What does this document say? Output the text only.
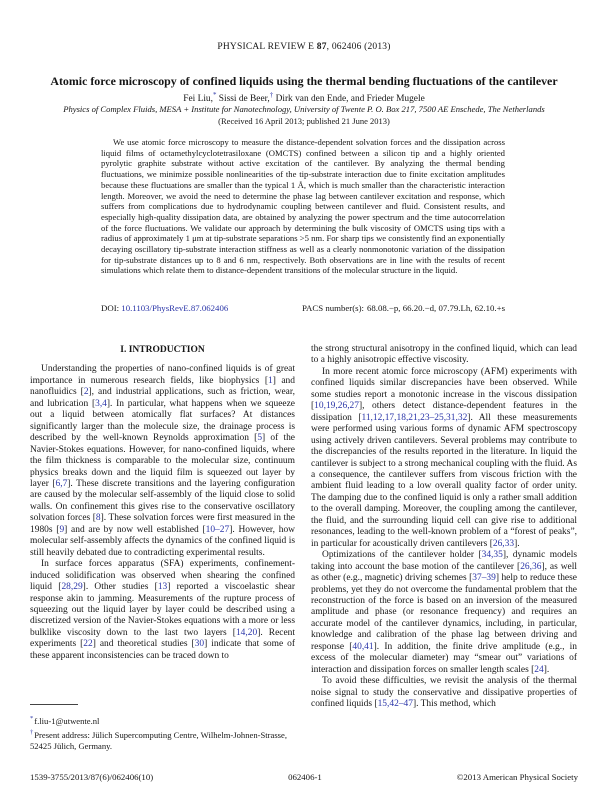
PHYSICAL REVIEW E 87, 062406 (2013)
Atomic force microscopy of confined liquids using the thermal bending fluctuations of the cantilever
Fei Liu,* Sissi de Beer,† Dirk van den Ende, and Frieder Mugele
Physics of Complex Fluids, MESA + Institute for Nanotechnology, University of Twente P. O. Box 217, 7500 AE Enschede, The Netherlands
(Received 16 April 2013; published 21 June 2013)

We use atomic force microscopy to measure the distance-dependent solvation forces and the dissipation across liquid films of octamethylcyclotetrasiloxane (OMCTS) confined between a silicon tip and a highly oriented pyrolytic graphite substrate without active excitation of the cantilever. By analyzing the thermal bending fluctuations, we minimize possible nonlinearities of the tip-substrate interaction due to finite excitation amplitudes because these fluctuations are smaller than the typical 1 Å, which is much smaller than the characteristic interaction length. Moreover, we avoid the need to determine the phase lag between cantilever excitation and response, which suffers from complications due to hydrodynamic coupling between cantilever and fluid. Consistent results, and especially high-quality dissipation data, are obtained by analyzing the power spectrum and the time autocorrelation of the force fluctuations. We validate our approach by determining the bulk viscosity of OMCTS using tips with a radius of approximately 1 μm at tip-substrate separations >5 nm. For sharp tips we consistently find an exponentially decaying oscillatory tip-substrate interaction stiffness as well as a clearly nonmonotonic variation of the dissipation for tip-substrate distances up to 8 and 6 nm, respectively. Both observations are in line with the results of recent simulations which relate them to distance-dependent transitions of the molecular structure in the liquid.

DOI: 10.1103/PhysRevE.87.062406	PACS number(s): 68.08.−p, 66.20.−d, 07.79.Lh, 62.10.+s
I. INTRODUCTION

Understanding the properties of nano-confined liquids is of great importance in numerous research fields, like biophysics [1] and nanofluidics [2], and industrial applications, such as friction, wear, and lubrication [3,4]. In particular, what happens when we squeeze out a liquid between atomically flat surfaces? At distances significantly larger than the molecule size, the drainage process is described by the well-known Reynolds approximation [5] of the Navier-Stokes equations. However, for nano-confined liquids, where the film thickness is comparable to the molecular size, continuum physics breaks down and the liquid film is squeezed out layer by layer [6,7]. These discrete transitions and the layering configuration are caused by the molecular self-assembly of the liquid close to solid walls. On confinement this gives rise to the conservative oscillatory solvation forces [8]. These solvation forces were first measured in the 1980s [9] and are by now well established [10–27]. However, how molecular self-assembly affects the dynamics of the confined liquid is still heavily debated due to contradicting experimental results.

In surface forces apparatus (SFA) experiments, confinement-induced solidification was observed when shearing the confined liquid [28,29]. Other studies [13] reported a viscoelastic shear response akin to jamming. Measurements of the rupture process of squeezing out the liquid layer by layer could be described using a discretized version of the Navier-Stokes equations with a more or less bulklike viscosity down to the last two layers [14,20]. Recent experiments [22] and theoretical studies [30] indicate that some of these apparent inconsistencies can be traced down to

the strong structural anisotropy in the confined liquid, which can lead to a highly anisotropic effective viscosity.

In more recent atomic force microscopy (AFM) experiments with confined liquids similar discrepancies have been observed. While some studies report a monotonic increase in the viscous dissipation [10,19,26,27], others detect distance-dependent features in the dissipation [11,12,17,18,21,23–25,31,32]. All these measurements were performed using various forms of dynamic AFM spectroscopy using actively driven cantilevers. Several problems may contribute to the discrepancies of the results reported in the literature. In liquid the cantilever is subject to a strong mechanical coupling with the fluid. As a consequence, the cantilever suffers from viscous friction with the ambient fluid leading to a low overall quality factor of order unity. The damping due to the confined liquid is only a rather small addition to the overall damping. Moreover, the coupling among the cantilever, the fluid, and the surrounding liquid cell can give rise to additional resonances, leading to the well-known problem of a “forest of peaks”, in particular for acoustically driven cantilevers [26,33].

Optimizations of the cantilever holder [34,35], dynamic models taking into account the base motion of the cantilever [26,36], as well as other (e.g., magnetic) driving schemes [37–39] help to reduce these problems, yet they do not overcome the fundamental problem that the reconstruction of the force is based on an inversion of the measured amplitude and phase (or resonance frequency) and requires an accurate model of the cantilever dynamics, including, in particular, knowledge and calibration of the phase lag between driving and response [40,41]. In addition, the finite drive amplitude (e.g., in excess of the molecular diameter) may “smear out” variations of interaction and dissipation forces on smaller length scales [24].

To avoid these difficulties, we revisit the analysis of the thermal noise signal to study the conservative and dissipative properties of confined liquids [15,42–47]. This method, which

*f.liu-1@utwente.nl

†Present address: Jülich Supercomputing Centre, Wilhelm-Johnen-Strasse, 52425 Jülich, Germany.

1539-3755/2013/87(6)/062406(10)	062406-1	©2013 American Physical Society
